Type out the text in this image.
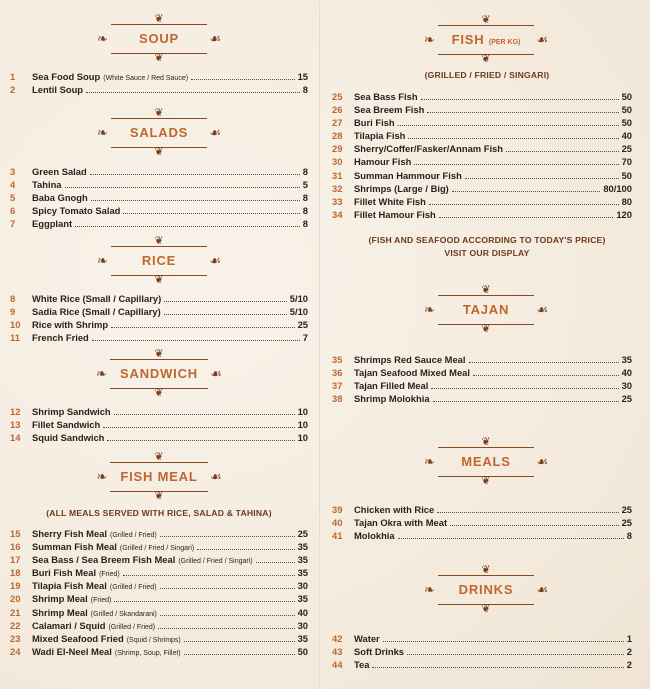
❦
❧ SOUP ☙
❦
1	Sea Food Soup (White Sauce / Red Sauce)	15
2	Lentil Soup	8
❦
❧ SALADS ☙
❦
3	Green Salad	8
4	Tahina	5
5	Baba Gnogh	8
6	Spicy Tomato Salad	8
7	Eggplant	8
❦
❧	RICE	☙
❦
8	White Rice (Small / Capillary)	5/10
9	Sadia Rice (Small / Capillary)	5/10
10	Rice with Shrimp	25
11	French Fried	7
❦
❧ SANDWICH ☙
❦
12	Shrimp Sandwich	10
13	Fillet Sandwich	10
14	Squid Sandwich	10
❦
❧ FISH MEAL ☙
❦
(ALL MEALS SERVED WITH RICE, SALAD & TAHINA)
15	Sherry Fish Meal (Grilled / Fried)	25
16	Summan Fish Meal (Grilled / Fried / Singari)	35
17	Sea Bass / Sea Breem Fish Meal (Grilled / Fried / Singari)	35
18	Buri Fish Meal (Fried)	35
19	Tilapia Fish Meal (Grilled / Fried)	30
20	Shrimp Meal (Fried)	35
21	Shrimp Meal (Grilled / Skandarani)	40
22	Calamari / Squid (Grilled / Fried)	30
23	Mixed Seafood Fried (Squid / Shrimps)	35
24	Wadi El-Neel Meal (Shrimp, Soup, Fillet)	50
❦
❧ FISH (PER KG) ☙
❦
(GRILLED / FRIED / SINGARI)
25	Sea Bass Fish	50
26	Sea Breem Fish	50
27	Buri Fish	50
28	Tilapia Fish	40
29	Sherry/Coffer/Fasker/Annam Fish	25
30	Hamour Fish	70
31	Summan Hammour Fish	50
32	Shrimps (Large / Big)	80/100
33	Fillet White Fish	80
34	Fillet Hamour Fish	120
(FISH AND SEAFOOD ACCORDING TO TODAY'S PRICE)
VISIT OUR DISPLAY
❦
❧ TAJAN ☙
❦
35	Shrimps Red Sauce Meal	35
36	Tajan Seafood Mixed Meal	40
37	Tajan Filled Meal	30
38	Shrimp Molokhia	25
❦
❧ MEALS ☙
❦
39	Chicken with Rice	25
40	Tajan Okra with Meat	25
41	Molokhia	8
❦
❧ DRINKS ☙
❦
42	Water	1
43	Soft Drinks	2
44	Tea	2
